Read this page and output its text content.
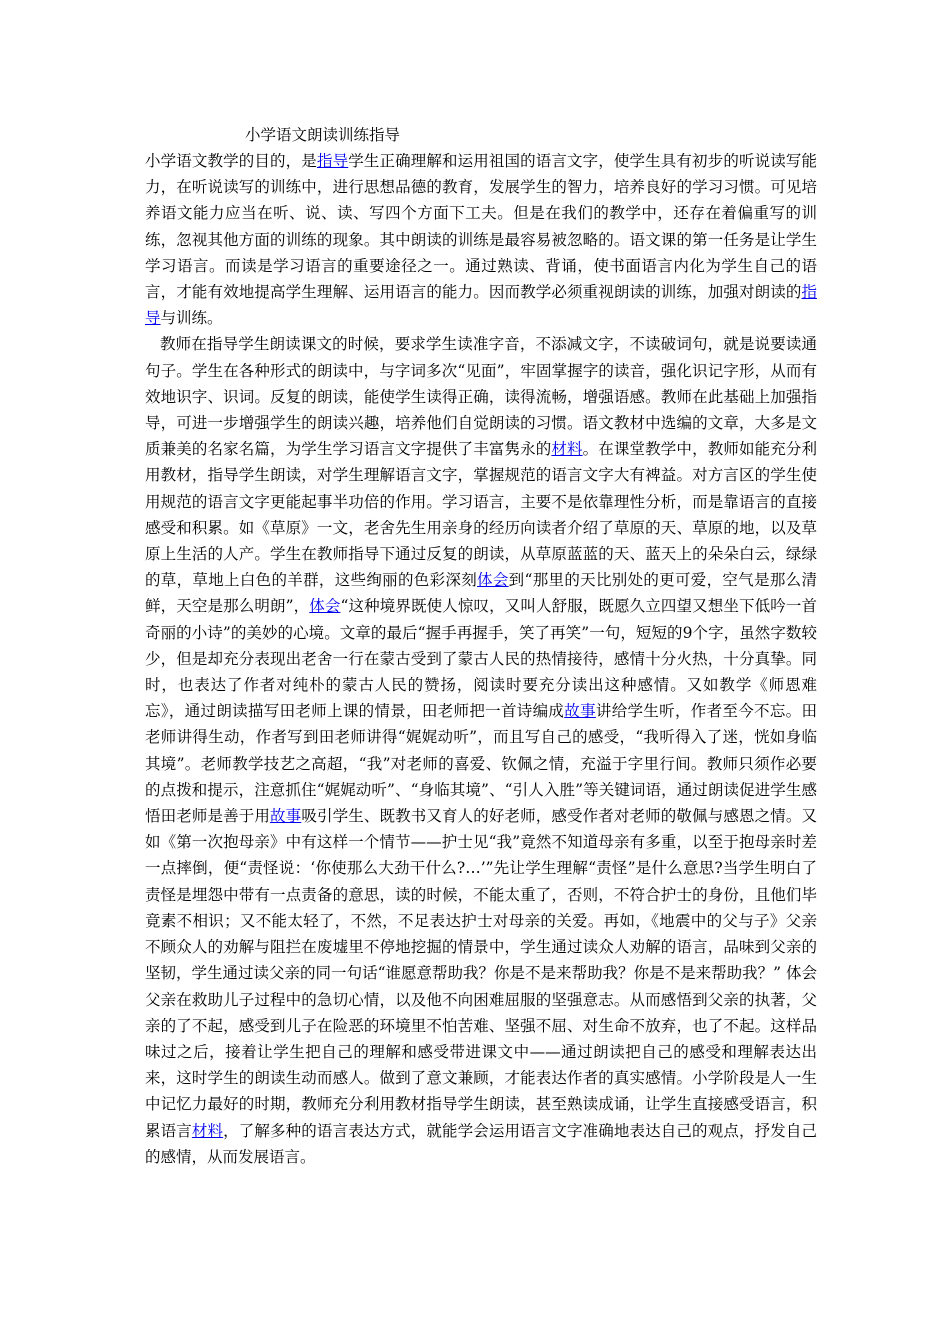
小学语文朗读训练指导

小学语文教学的目的，是指导学生正确理解和运用祖国的语言文字，使学生具有初步的听说读写能力，在听说读写的训练中，进行思想品德的教育，发展学生的智力，培养良好的学习习惯。可见培养语文能力应当在听、说、读、写四个方面下工夫。但是在我们的教学中，还存在着偏重写的训练，忽视其他方面的训练的现象。其中朗读的训练是最容易被忽略的。语文课的第一任务是让学生学习语言。而读是学习语言的重要途径之一。通过熟读、背诵，使书面语言内化为学生自己的语言，才能有效地提高学生理解、运用语言的能力。因而教学必须重视朗读的训练，加强对朗读的指导与训练。

教师在指导学生朗读课文的时候，要求学生读准字音，不添减文字，不读破词句，就是说要读通句子。学生在各种形式的朗读中，与字词多次“见面”，牢固掌握字的读音，强化识记字形，从而有效地识字、识词。反复的朗读，能使学生读得正确，读得流畅，增强语感。教师在此基础上加强指导，可进一步增强学生的朗读兴趣，培养他们自觉朗读的习惯。语文教材中选编的文章，大多是文质兼美的名家名篇，为学生学习语言文字提供了丰富隽永的材料。在课堂教学中，教师如能充分利用教材，指导学生朗读，对学生理解语言文字，掌握规范的语言文字大有裨益。对方言区的学生使用规范的语言文字更能起事半功倍的作用。学习语言，主要不是依靠理性分析，而是靠语言的直接感受和积累。如《草原》一文，老舍先生用亲身的经历向读者介绍了草原的天、草原的地，以及草原上生活的人产。学生在教师指导下通过反复的朗读，从草原蓝蓝的天、蓝天上的朵朵白云，绿绿的草，草地上白色的羊群，这些绚丽的色彩深刻体会到“那里的天比别处的更可爱，空气是那么清鲜，天空是那么明朗”，体会“这种境界既使人惊叹，又叫人舒服，既愿久立四望又想坐下低吟一首奇丽的小诗”的美妙的心境。文章的最后“握手再握手，笑了再笑”一句，短短的9个字，虽然字数较少，但是却充分表现出老舍一行在蒙古受到了蒙古人民的热情接待，感情十分火热，十分真挚。同时，也表达了作者对纯朴的蒙古人民的赞扬，阅读时要充分读出这种感情。又如教学《师恩难忘》，通过朗读描写田老师上课的情景，田老师把一首诗编成故事讲给学生听，作者至今不忘。田老师讲得生动，作者写到田老师讲得“娓娓动听”，而且写自己的感受，“我听得入了迷，恍如身临其境”。老师教学技艺之高超，“我”对老师的喜爱、钦佩之情，充溢于字里行间。教师只须作必要的点拨和提示，注意抓住“娓娓动听”、“身临其境”、“引人入胜”等关键词语，通过朗读促进学生感悟田老师是善于用故事吸引学生、既教书又育人的好老师，感受作者对老师的敬佩与感恩之情。又如《第一次抱母亲》中有这样一个情节——护士见“我”竟然不知道母亲有多重，以至于抱母亲时差一点摔倒，便“责怪说：‘你使那么大劲干什么?…’”先让学生理解“责怪”是什么意思?当学生明白了责怪是埋怨中带有一点责备的意思，读的时候，不能太重了，否则，不符合护士的身份，且他们毕竟素不相识；又不能太轻了，不然，不足表达护士对母亲的关爱。再如，《地震中的父与子》父亲不顾众人的劝解与阻拦在废墟里不停地挖掘的情景中，学生通过读众人劝解的语言，品味到父亲的坚韧，学生通过读父亲的同一句话“谁愿意帮助我？你是不是来帮助我？你是不是来帮助我？” 体会父亲在救助儿子过程中的急切心情，以及他不向困难屈服的坚强意志。从而感悟到父亲的执著，父亲的了不起，感受到儿子在险恶的环境里不怕苦难、坚强不屈、对生命不放弃，也了不起。这样品味过之后，接着让学生把自己的理解和感受带进课文中——通过朗读把自己的感受和理解表达出来，这时学生的朗读生动而感人。做到了意文兼顾，才能表达作者的真实感情。小学阶段是人一生中记忆力最好的时期，教师充分利用教材指导学生朗读，甚至熟读成诵，让学生直接感受语言，积累语言材料，了解多种的语言表达方式，就能学会运用语言文字准确地表达自己的观点，抒发自己的感情，从而发展语言。
